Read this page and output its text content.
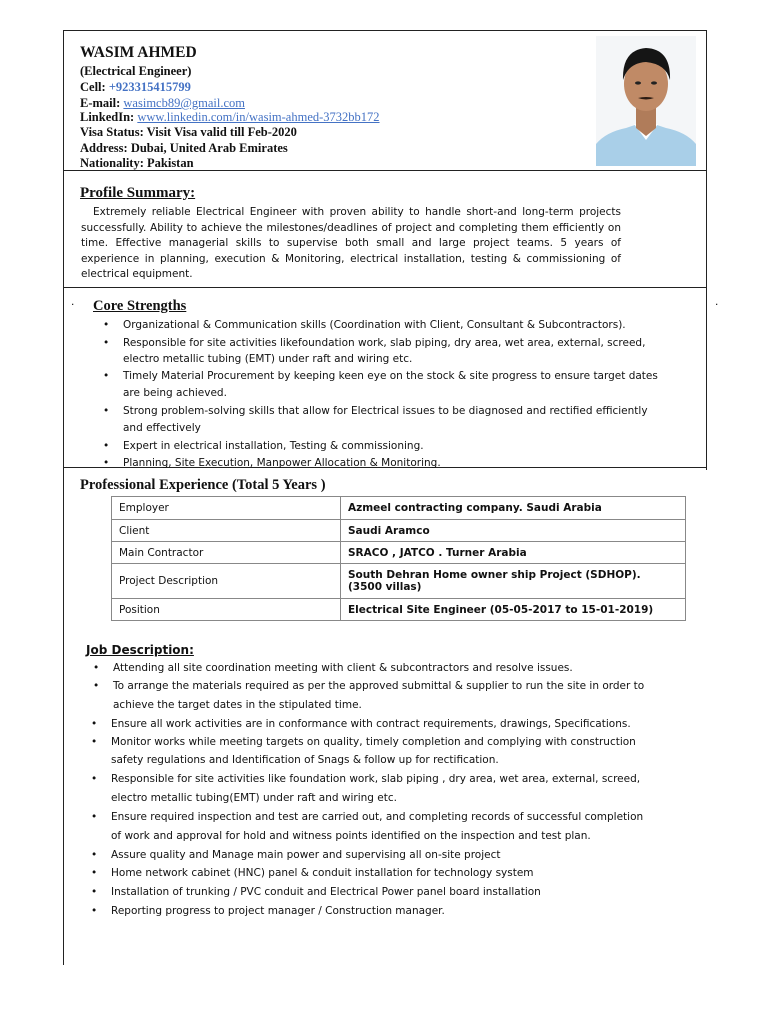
WASIM AHMED
(Electrical Engineer)
Cell: +923315415799
E-mail: wasimcb89@gmail.com
LinkedIn: www.linkedin.com/in/wasim-ahmed-3732bb172
Visa Status: Visit Visa valid till Feb-2020
Address: Dubai, United Arab Emirates
Nationality: Pakistan
Profile Summary:
Extremely reliable Electrical Engineer with proven ability to handle short-and long-term projects successfully. Ability to achieve the milestones/deadlines of project and completing them efficiently on time. Effective managerial skills to supervise both small and large project teams. 5 years of experience in planning, execution & Monitoring, electrical installation, testing & commissioning of electrical equipment.
.	.
Core Strengths
• Organizational & Communication skills (Coordination with Client, Consultant & Subcontractors).
• Responsible for site activities likefoundation work, slab piping, dry area, wet area, external, screed, electro metallic tubing (EMT) under raft and wiring etc.
• Timely Material Procurement by keeping keen eye on the stock & site progress to ensure target dates are being achieved.
• Strong problem-solving skills that allow for Electrical issues to be diagnosed and rectified efficiently and effectively
• Expert in electrical installation, Testing & commissioning.
• Planning, Site Execution, Manpower Allocation & Monitoring.
Professional Experience (Total 5 Years )
Employer	Azmeel contracting company. Saudi Arabia
Client	Saudi Aramco
Main Contractor	SRACO , JATCO . Turner Arabia
Project Description	South Dehran Home owner ship Project (SDHOP). (3500 villas)
Position	Electrical Site Engineer (05-05-2017 to 15-01-2019)
Job Description:
• Attending all site coordination meeting with client & subcontractors and resolve issues.
• To arrange the materials required as per the approved submittal & supplier to run the site in order to achieve the target dates in the stipulated time.
• Ensure all work activities are in conformance with contract requirements, drawings, Specifications.
• Monitor works while meeting targets on quality, timely completion and complying with construction safety regulations and Identification of Snags & follow up for rectification.
• Responsible for site activities like foundation work, slab piping , dry area, wet area, external, screed, electro metallic tubing(EMT) under raft and wiring etc.
• Ensure required inspection and test are carried out, and completing records of successful completion of work and approval for hold and witness points identified on the inspection and test plan.
• Assure quality and Manage main power and supervising all on-site project
• Home network cabinet (HNC) panel & conduit installation for technology system
• Installation of trunking / PVC conduit and Electrical Power panel board installation
• Reporting progress to project manager / Construction manager.
